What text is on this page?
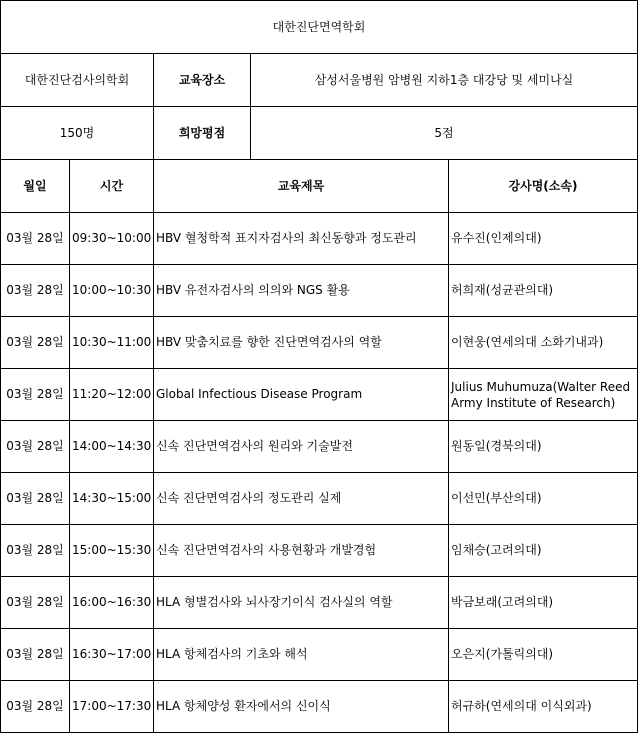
대한진단면역학회				
대한진단검사의학회		교육장소	삼성서울병원 암병원 지하1층 대강당 및 세미나실	
150명		희망평점	5점	
월일	시간	교육제목		강사명(소속)
03월 28일	09:30~10:00	HBV 혈청학적 표지자검사의 최신동향과 정도관리		유수진(인제의대)
03월 28일	10:00~10:30	HBV 유전자검사의 의의와 NGS 활용		허희재(성균관의대)
03월 28일	10:30~11:00	HBV 맞춤치료를 향한 진단면역검사의 역할		이현웅(연세의대 소화기내과)
03월 28일	11:20~12:00	Global Infectious Disease Program		Julius Muhumuza(Walter Reed Army Institute of Research)
03월 28일	14:00~14:30	신속 진단면역검사의 원리와 기술발전		원동일(경북의대)
03월 28일	14:30~15:00	신속 진단면역검사의 정도관리 실제		이선민(부산의대)
03월 28일	15:00~15:30	신속 진단면역검사의 사용현황과 개발경험		임채승(고려의대)
03월 28일	16:00~16:30	HLA 형별검사와 뇌사장기이식 검사실의 역할		박금보래(고려의대)
03월 28일	16:30~17:00	HLA 항체검사의 기초와 해석		오은지(가톨릭의대)
03월 28일	17:00~17:30	HLA 항체양성 환자에서의 신이식		허규하(연세의대 이식외과)
